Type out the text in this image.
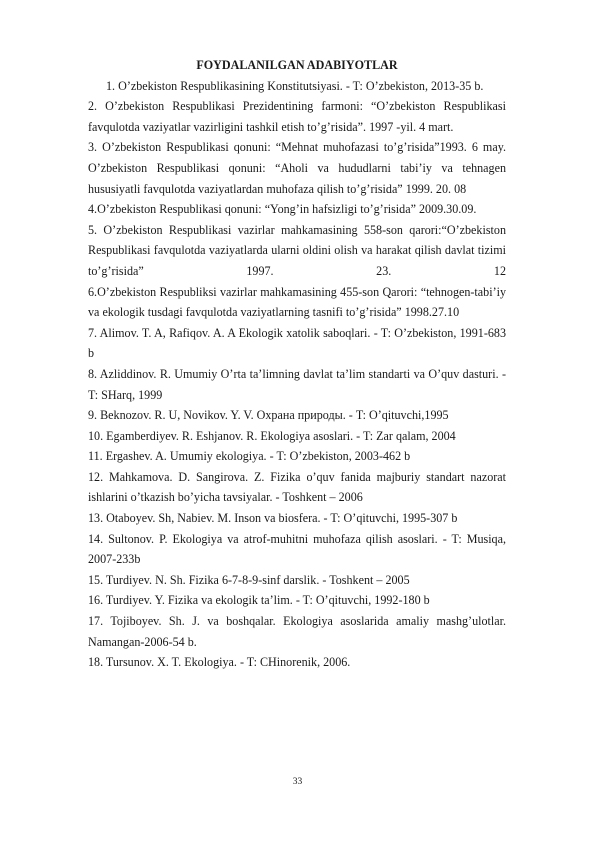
FOYDALANILGAN ADABIYOTLAR

1. O’zbekiston Respublikasining Konstitutsiyasi. - T: O’zbekiston, 2013-35 b.

2. O’zbekiston Respublikasi Prezidentining farmoni: “O’zbekiston Respublikasi favqulotda vaziyatlar vazirligini tashkil etish to’g’risida”. 1997 -yil. 4 mart.

3. O’zbekiston Respublikasi qonuni: “Mehnat muhofazasi to’g’risida”1993. 6 may. O’zbekiston Respublikasi qonuni: “Aholi va hududlarni tabi’iy va tehnagen hususiyatli favqulotda vaziyatlardan muhofaza qilish to’g’risida” 1999. 20. 08

4.O’zbekiston Respublikasi qonuni: “Yong’in hafsizligi to’g’risida” 2009.30.09.

5. O’zbekiston Respublikasi vazirlar mahkamasining 558-son qarori:“O’zbekiston Respublikasi favqulotda vaziyatlarda ularni oldini olish va harakat qilish davlat tizimi to’g’risida” 1997. 23. 12

6.O’zbekiston Respubliksi vazirlar mahkamasining 455-son Qarori: “tehnogen-tabi’iy va ekologik tusdagi favqulotda vaziyatlarning tasnifi to’g’risida” 1998.27.10

7. Alimov. T. A, Rafiqov. A. A Ekologik xatolik saboqlari. - T: O’zbekiston, 1991-683 b

8. Azliddinov. R. Umumiy O’rta ta’limning davlat ta’lim standarti va O’quv dasturi. - T: SHarq, 1999

9. Beknozov. R. U, Novikov. Y. V. Охрана природы. - T: O’qituvchi,1995

10. Egamberdiyev. R. Eshjanov. R. Ekologiya asoslari. - T: Zar qalam, 2004

11. Ergashev. A. Umumiy ekologiya. - T: O’zbekiston, 2003-462 b

12. Mahkamova. D. Sangirova. Z. Fizika o’quv fanida majburiy standart nazorat ishlarini o’tkazish bo’yicha tavsiyalar. - Toshkent – 2006

13. Otaboyev. Sh, Nabiev. M. Inson va biosfera. - T: O’qituvchi, 1995-307 b

14. Sultonov. P. Ekologiya va atrof-muhitni muhofaza qilish asoslari. - T: Musiqa, 2007-233b

15. Turdiyev. N. Sh. Fizika 6-7-8-9-sinf darslik. - Toshkent – 2005

16. Turdiyev. Y. Fizika va ekologik ta’lim. - T: O’qituvchi, 1992-180 b

17. Tojiboyev. Sh. J. va boshqalar. Ekologiya asoslarida amaliy mashg’ulotlar. Namangan-2006-54 b.

18. Tursunov. X. T. Ekologiya. - T: CHinorenik, 2006.

33
